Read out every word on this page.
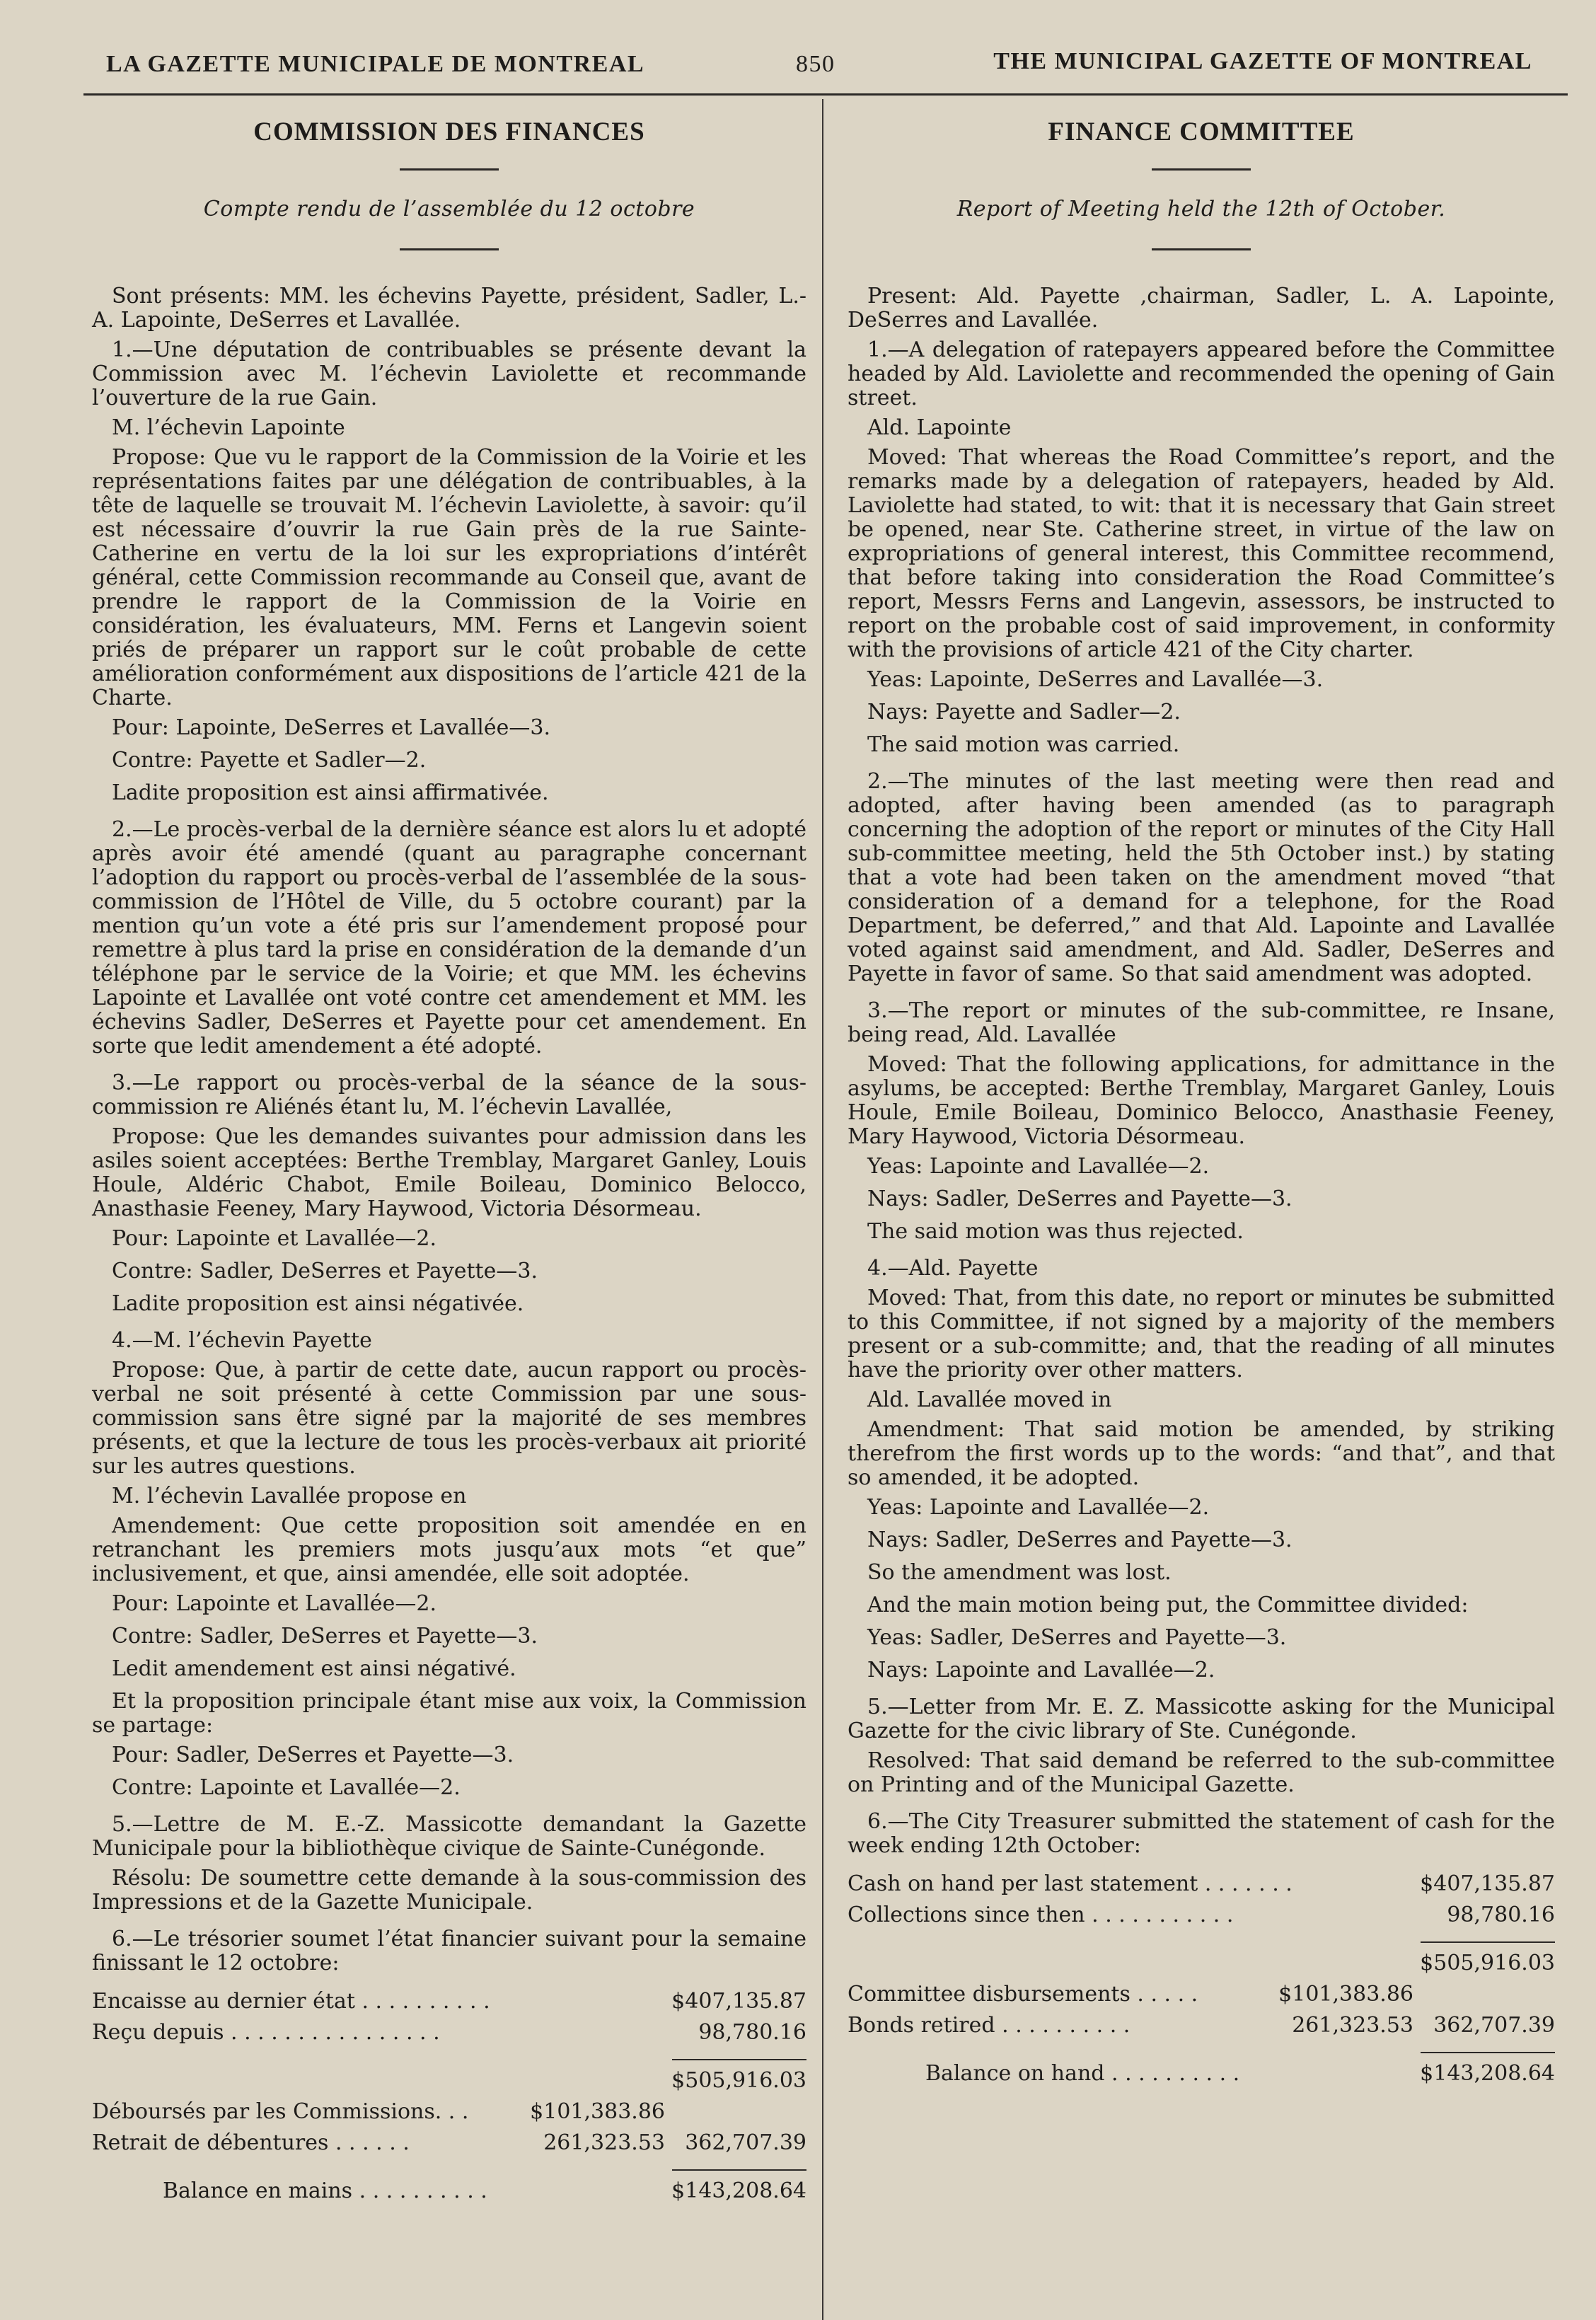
LA GAZETTE MUNICIPALE DE MONTREAL	850	THE MUNICIPAL GAZETTE OF MONTREAL
COMMISSION DES FINANCES
Compte rendu de l’assemblée du 12 octobre

Sont présents: MM. les échevins Payette, président, Sadler, L.-A. Lapointe, DeSerres et Lavallée.

1.—Une députation de contribuables se présente devant la Commission avec M. l’échevin Laviolette et recommande l’ouverture de la rue Gain.

M. l’échevin Lapointe

Propose: Que vu le rapport de la Commission de la Voirie et les représentations faites par une délégation de contribuables, à la tête de laquelle se trouvait M. l’échevin Laviolette, à savoir: qu’il est nécessaire d’ouvrir la rue Gain près de la rue Sainte-Catherine en vertu de la loi sur les expropriations d’intérêt général, cette Commission recommande au Conseil que, avant de prendre le rapport de la Commission de la Voirie en considération, les évaluateurs, MM. Ferns et Langevin soient priés de préparer un rapport sur le coût probable de cette amélioration conformément aux dispositions de l’article 421 de la Charte.

Pour: Lapointe, DeSerres et Lavallée—3.

Contre: Payette et Sadler—2.

Ladite proposition est ainsi affirmativée.

2.—Le procès-verbal de la dernière séance est alors lu et adopté après avoir été amendé (quant au paragraphe concernant l’adoption du rapport ou procès-verbal de l’assemblée de la sous-commission de l’Hôtel de Ville, du 5 octobre courant) par la mention qu’un vote a été pris sur l’amendement proposé pour remettre à plus tard la prise en considération de la demande d’un téléphone par le service de la Voirie; et que MM. les échevins Lapointe et Lavallée ont voté contre cet amendement et MM. les échevins Sadler, DeSerres et Payette pour cet amendement. En sorte que ledit amendement a été adopté.

3.—Le rapport ou procès-verbal de la séance de la sous-commission re Aliénés étant lu, M. l’échevin Lavallée,

Propose: Que les demandes suivantes pour admission dans les asiles soient acceptées: Berthe Tremblay, Margaret Ganley, Louis Houle, Aldéric Chabot, Emile Boileau, Dominico Belocco, Anasthasie Feeney, Mary Haywood, Victoria Désormeau.

Pour: Lapointe et Lavallée—2.

Contre: Sadler, DeSerres et Payette—3.

Ladite proposition est ainsi négativée.

4.—M. l’échevin Payette

Propose: Que, à partir de cette date, aucun rapport ou procès-verbal ne soit présenté à cette Commission par une sous-commission sans être signé par la majorité de ses membres présents, et que la lecture de tous les procès-verbaux ait priorité sur les autres questions.

M. l’échevin Lavallée propose en

Amendement: Que cette proposition soit amendée en en retranchant les premiers mots jusqu’aux mots “et que” inclusivement, et que, ainsi amendée, elle soit adoptée.

Pour: Lapointe et Lavallée—2.

Contre: Sadler, DeSerres et Payette—3.

Ledit amendement est ainsi négativé.

Et la proposition principale étant mise aux voix, la Commission se partage:

Pour: Sadler, DeSerres et Payette—3.

Contre: Lapointe et Lavallée—2.

5.—Lettre de M. E.-Z. Massicotte demandant la Gazette Municipale pour la bibliothèque civique de Sainte-Cunégonde.

Résolu: De soumettre cette demande à la sous-commission des Impressions et de la Gazette Municipale.

6.—Le trésorier soumet l’état financier suivant pour la semaine finissant le 12 octobre:

Encaisse au dernier état . . . . . . . . . .	$407,135.87
Reçu depuis . . . . . . . . . . . . . . . .	98,780.16
$505,916.03
Déboursés par les Commissions. . .	$101,383.86
Retrait de débentures . . . . . .	261,323.53 362,707.39
Balance en mains . . . . . . . . . .	$143,208.64
FINANCE COMMITTEE
Report of Meeting held the 12th of October.

Present: Ald. Payette ,chairman, Sadler, L. A. Lapointe, DeSerres and Lavallée.

1.—A delegation of ratepayers appeared before the Committee headed by Ald. Laviolette and recommended the opening of Gain street.

Ald. Lapointe

Moved: That whereas the Road Committee’s report, and the remarks made by a delegation of ratepayers, headed by Ald. Laviolette had stated, to wit: that it is necessary that Gain street be opened, near Ste. Catherine street, in virtue of the law on expropriations of general interest, this Committee recommend, that before taking into consideration the Road Committee’s report, Messrs Ferns and Langevin, assessors, be instructed to report on the probable cost of said improvement, in conformity with the provisions of article 421 of the City charter.

Yeas: Lapointe, DeSerres and Lavallée—3.

Nays: Payette and Sadler—2.

The said motion was carried.

2.—The minutes of the last meeting were then read and adopted, after having been amended (as to paragraph concerning the adoption of the report or minutes of the City Hall sub-committee meeting, held the 5th October inst.) by stating that a vote had been taken on the amendment moved “that consideration of a demand for a telephone, for the Road Department, be deferred,” and that Ald. Lapointe and Lavallée voted against said amendment, and Ald. Sadler, DeSerres and Payette in favor of same. So that said amendment was adopted.

3.—The report or minutes of the sub-committee, re Insane, being read, Ald. Lavallée

Moved: That the following applications, for admittance in the asylums, be accepted: Berthe Tremblay, Margaret Ganley, Louis Houle, Emile Boileau, Dominico Belocco, Anasthasie Feeney, Mary Haywood, Victoria Désormeau.

Yeas: Lapointe and Lavallée—2.

Nays: Sadler, DeSerres and Payette—3.

The said motion was thus rejected.

4.—Ald. Payette

Moved: That, from this date, no report or minutes be submitted to this Committee, if not signed by a majority of the members present or a sub-committe; and, that the reading of all minutes have the priority over other matters.

Ald. Lavallée moved in

Amendment: That said motion be amended, by striking therefrom the first words up to the words: “and that”, and that so amended, it be adopted.

Yeas: Lapointe and Lavallée—2.

Nays: Sadler, DeSerres and Payette—3.

So the amendment was lost.

And the main motion being put, the Committee divided:

Yeas: Sadler, DeSerres and Payette—3.

Nays: Lapointe and Lavallée—2.

5.—Letter from Mr. E. Z. Massicotte asking for the Municipal Gazette for the civic library of Ste. Cunégonde.

Resolved: That said demand be referred to the sub-committee on Printing and of the Municipal Gazette.

6.—The City Treasurer submitted the statement of cash for the week ending 12th October:

Cash on hand per last statement . . . . . . .	$407,135.87
Collections since then . . . . . . . . . . .	98,780.16
$505,916.03
Committee disbursements . . . . .	$101,383.86
Bonds retired . . . . . . . . . .	261,323.53 362,707.39
Balance on hand . . . . . . . . . .	$143,208.64
